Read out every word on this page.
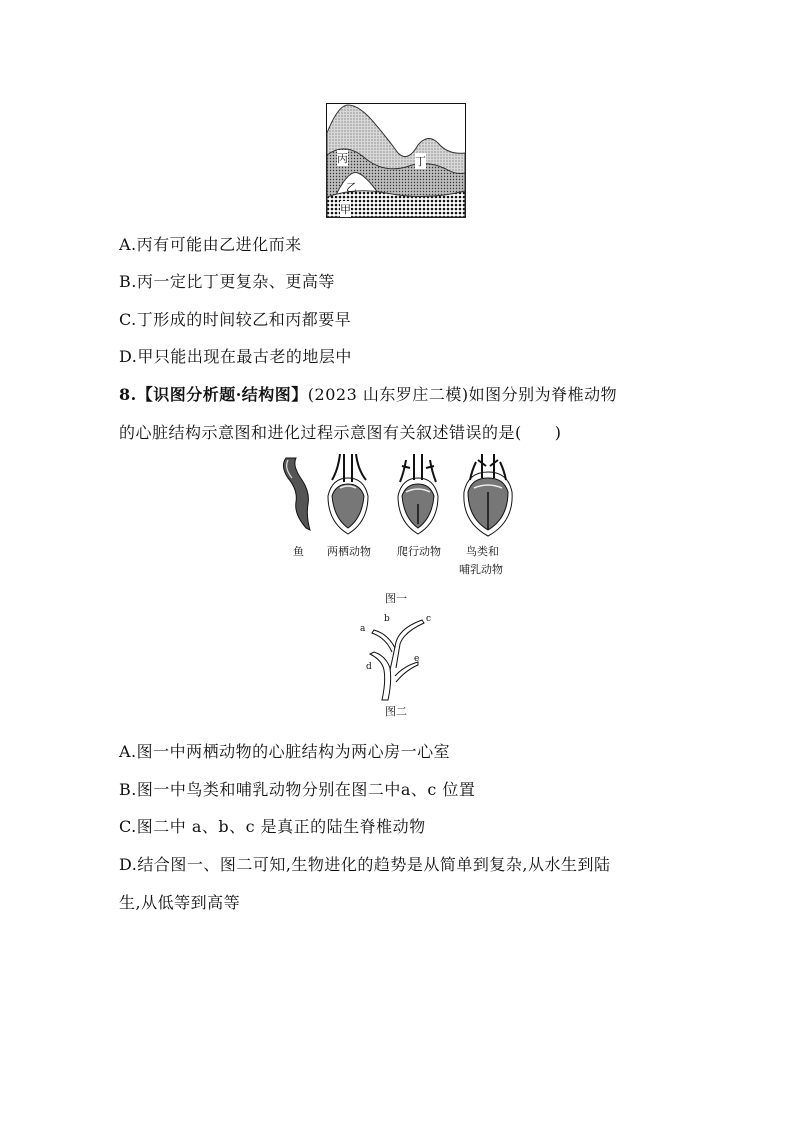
丙	丁
乙
甲
A.丙有可能由乙进化而来
B.丙一定比丁更复杂、更高等
C.丁形成的时间较乙和丙都要早
D.甲只能出现在最古老的地层中
8.【识图分析题·结构图】(2023 山东罗庄二模)如图分别为脊椎动物
的心脏结构示意图和进化过程示意图有关叙述错误的是(　　)
鱼 两栖动物 爬行动物 鸟类和
哺乳动物
图一
a
b	c
d
e
图二
A.图一中两栖动物的心脏结构为两心房一心室
B.图一中鸟类和哺乳动物分别在图二中a、c 位置
C.图二中 a、b、c 是真正的陆生脊椎动物
D.结合图一、图二可知,生物进化的趋势是从简单到复杂,从水生到陆
生,从低等到高等
